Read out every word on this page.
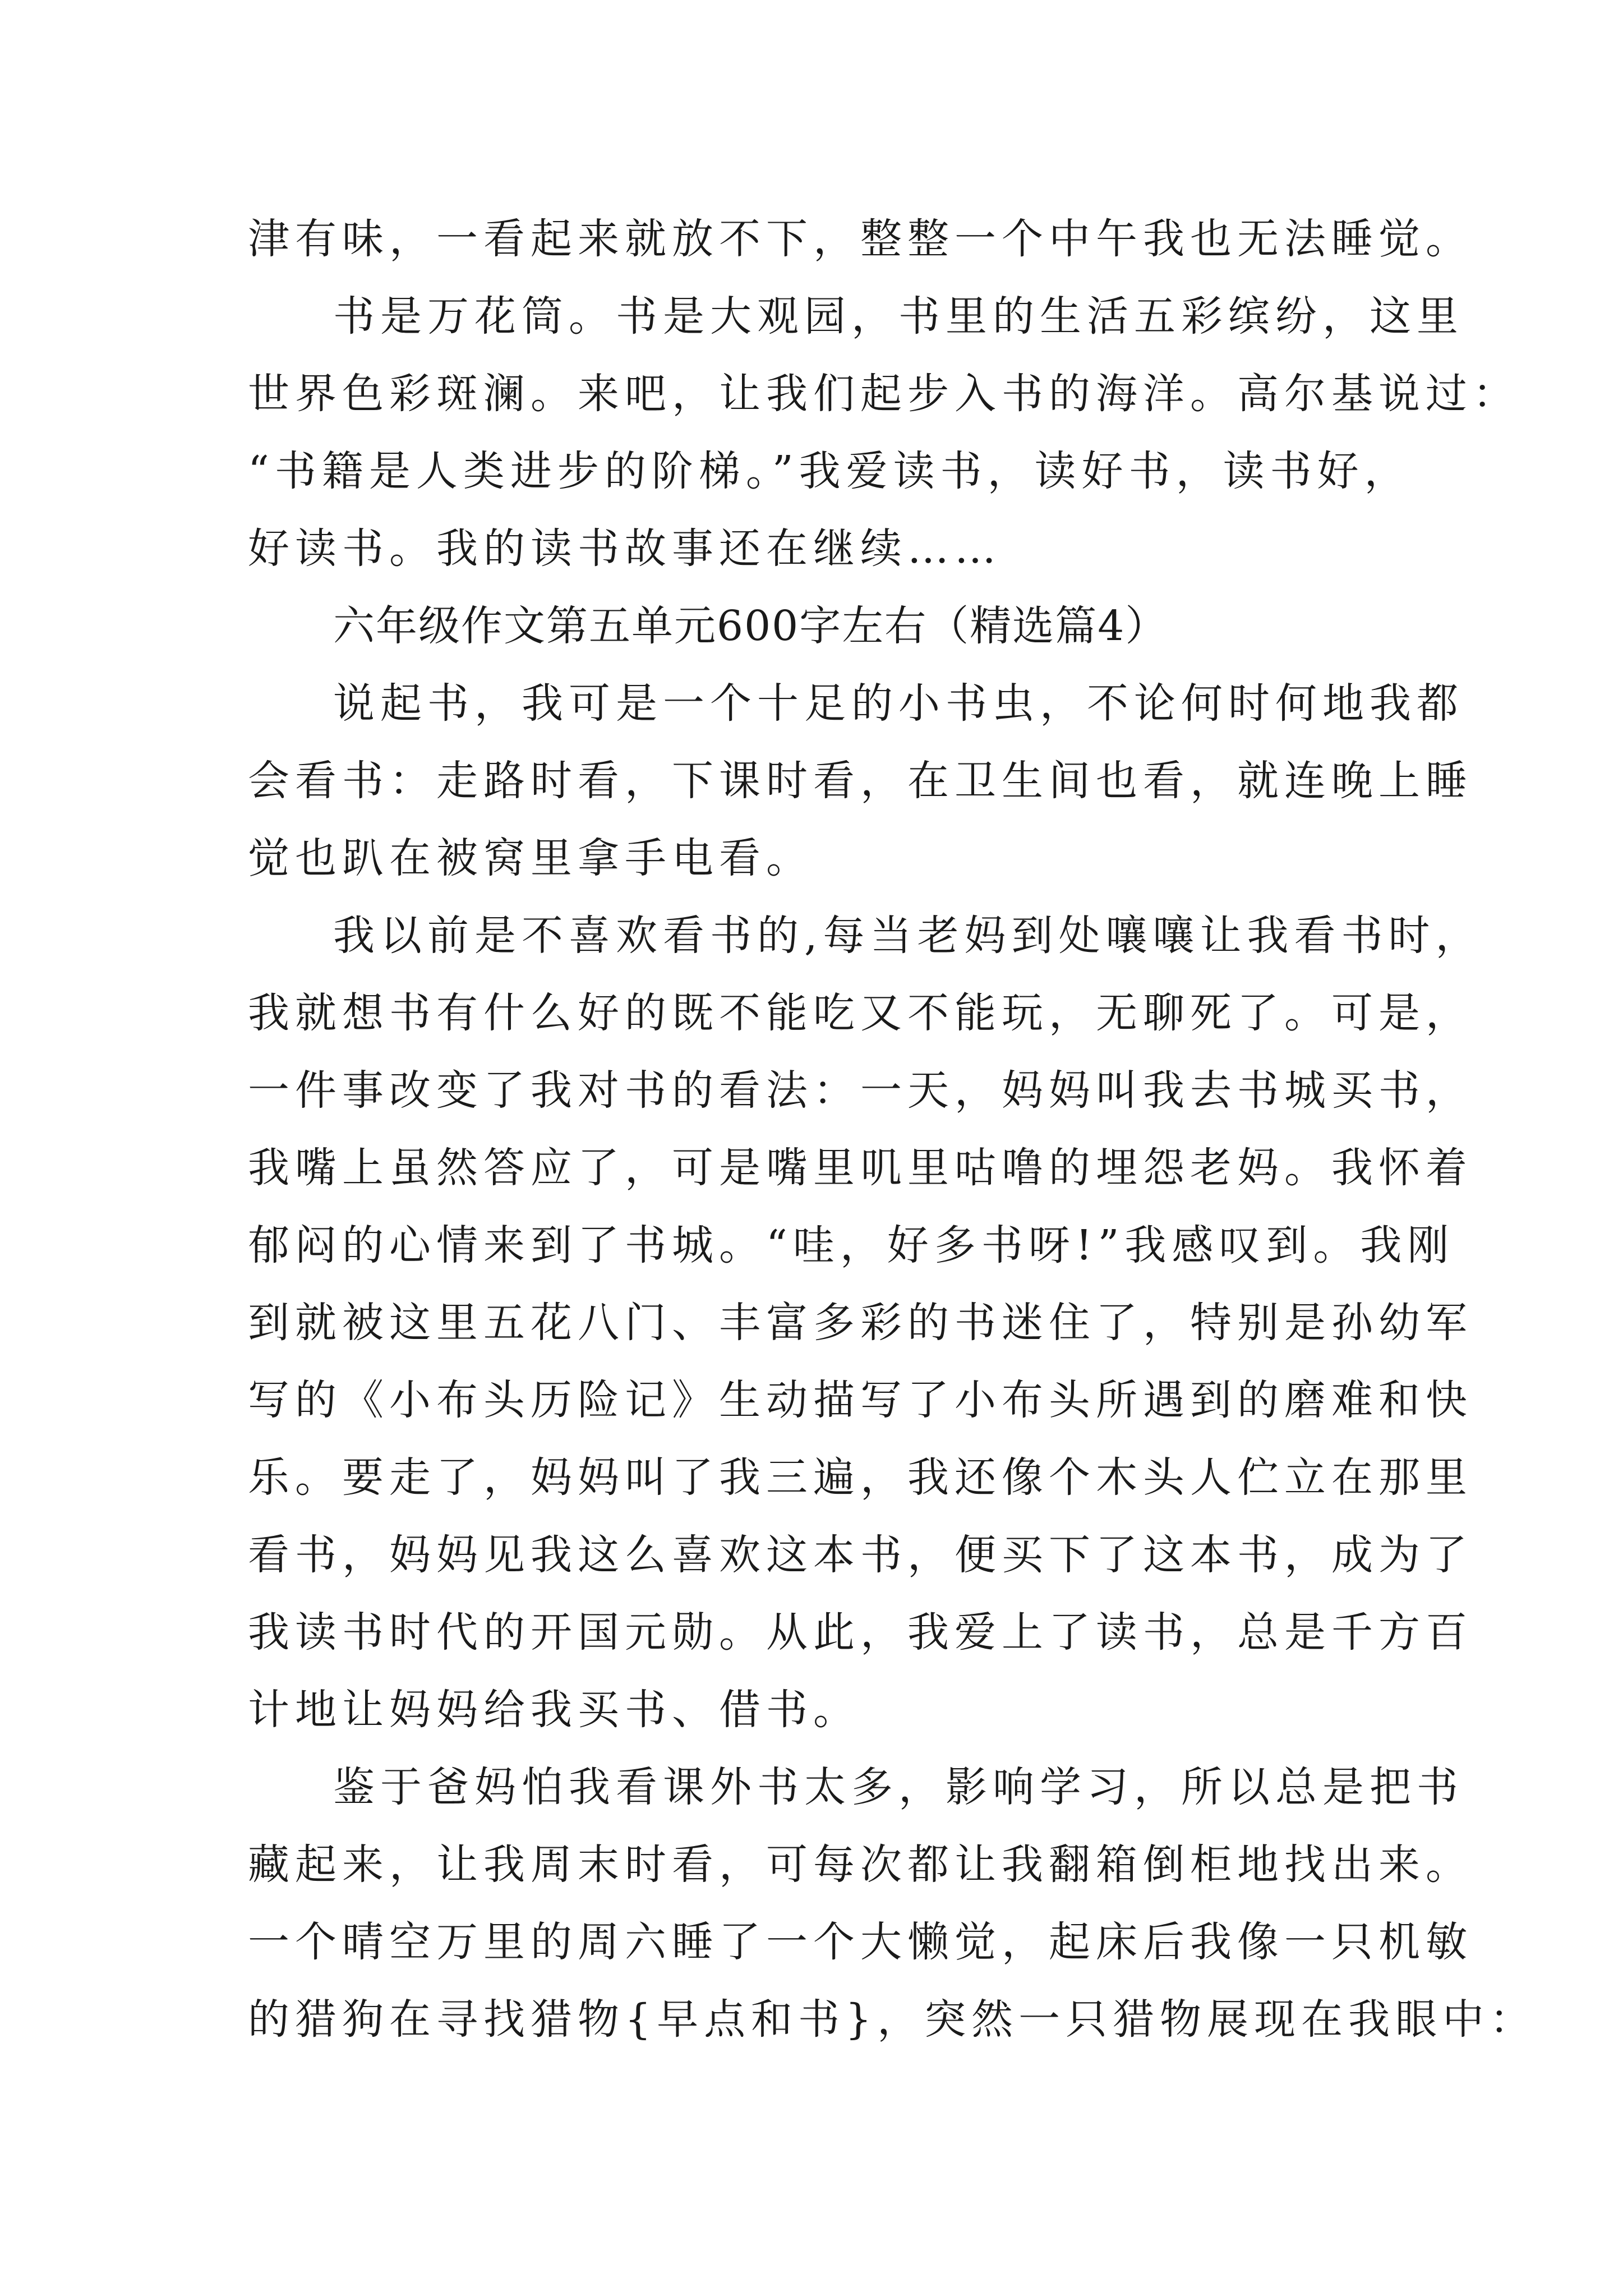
津有味，一看起来就放不下，整整一个中午我也无法睡觉。
书是万花筒。书是大观园，书里的生活五彩缤纷，这里
世界色彩斑澜。来吧，让我们起步入书的海洋。高尔基说过：
“书籍是人类进步的阶梯。”我爱读书，读好书，读书好，
好读书。我的读书故事还在继续……
六年级作文第五单元600字左右（精选篇4）
说起书，我可是一个十足的小书虫，不论何时何地我都
会看书：走路时看，下课时看，在卫生间也看，就连晚上睡
觉也趴在被窝里拿手电看。
我以前是不喜欢看书的,每当老妈到处嚷嚷让我看书时，
我就想书有什么好的既不能吃又不能玩，无聊死了。可是，
一件事改变了我对书的看法：一天，妈妈叫我去书城买书，
我嘴上虽然答应了，可是嘴里叽里咕噜的埋怨老妈。我怀着
郁闷的心情来到了书城。“哇，好多书呀!”我感叹到。我刚
到就被这里五花八门、丰富多彩的书迷住了，特别是孙幼军
写的《小布头历险记》生动描写了小布头所遇到的磨难和快
乐。要走了，妈妈叫了我三遍，我还像个木头人伫立在那里
看书，妈妈见我这么喜欢这本书，便买下了这本书，成为了
我读书时代的开国元勋。从此，我爱上了读书，总是千方百
计地让妈妈给我买书、借书。
鉴于爸妈怕我看课外书太多，影响学习，所以总是把书
藏起来，让我周末时看，可每次都让我翻箱倒柜地找出来。
一个晴空万里的周六睡了一个大懒觉，起床后我像一只机敏
的猎狗在寻找猎物{早点和书}，突然一只猎物展现在我眼中：
